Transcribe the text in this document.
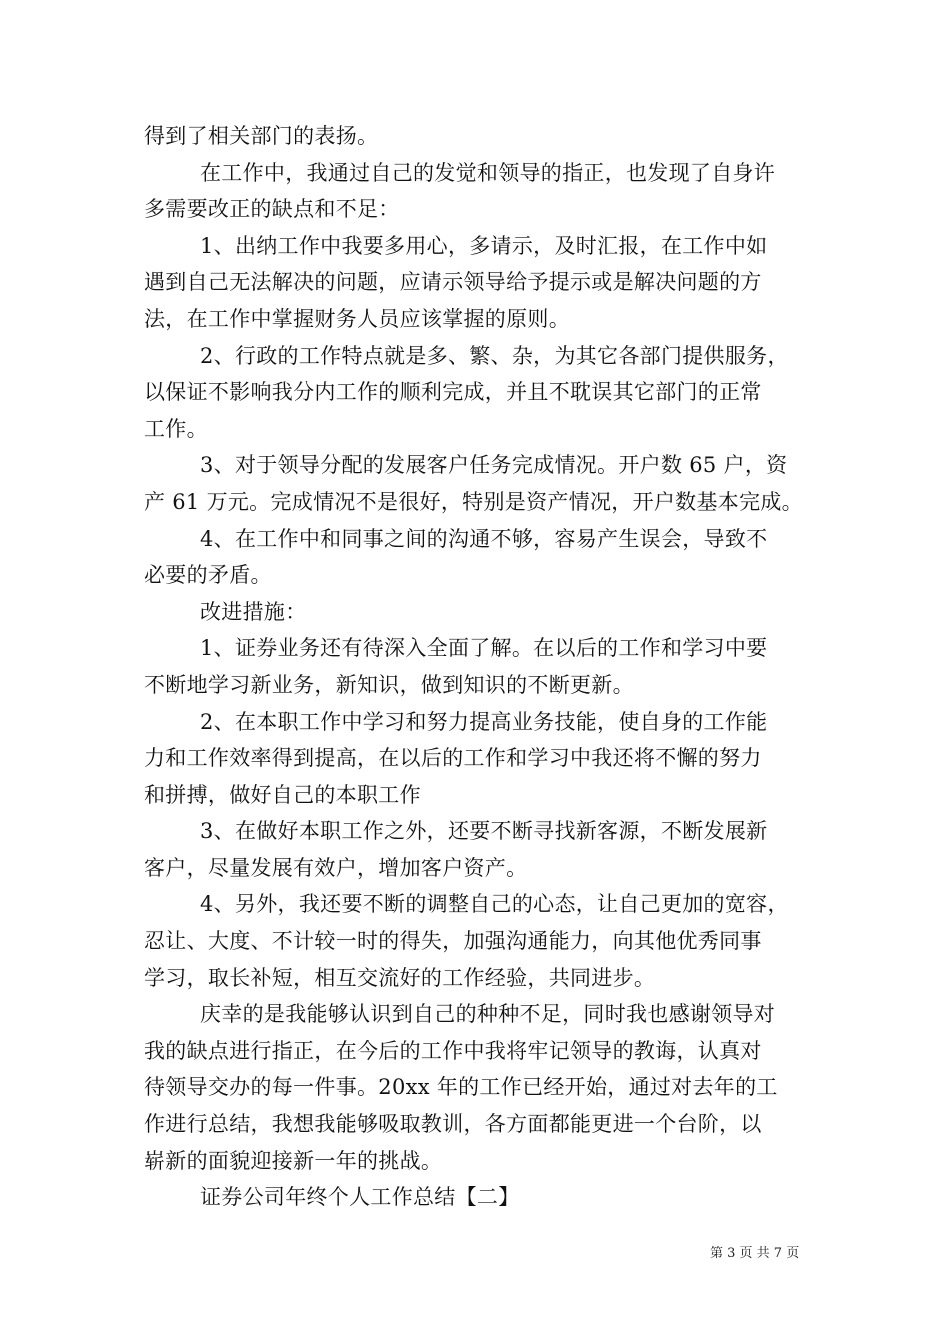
得到了相关部门的表扬。
在工作中，我通过自己的发觉和领导的指正，也发现了自身许
多需要改正的缺点和不足：
1、出纳工作中我要多用心，多请示，及时汇报，在工作中如
遇到自己无法解决的问题，应请示领导给予提示或是解决问题的方
法，在工作中掌握财务人员应该掌握的原则。
2、行政的工作特点就是多、繁、杂，为其它各部门提供服务，
以保证不影响我分内工作的顺利完成，并且不耽误其它部门的正常
工作。
3、对于领导分配的发展客户任务完成情况。开户数 65 户，资
产 61 万元。完成情况不是很好，特别是资产情况，开户数基本完成。
4、在工作中和同事之间的沟通不够，容易产生误会，导致不
必要的矛盾。
改进措施：
1、证券业务还有待深入全面了解。在以后的工作和学习中要
不断地学习新业务，新知识，做到知识的不断更新。
2、在本职工作中学习和努力提高业务技能，使自身的工作能
力和工作效率得到提高，在以后的工作和学习中我还将不懈的努力
和拼搏，做好自己的本职工作
3、在做好本职工作之外，还要不断寻找新客源，不断发展新
客户，尽量发展有效户，增加客户资产。
4、另外，我还要不断的调整自己的心态，让自己更加的宽容，
忍让、大度、不计较一时的得失，加强沟通能力，向其他优秀同事
学习，取长补短，相互交流好的工作经验，共同进步。
庆幸的是我能够认识到自己的种种不足，同时我也感谢领导对
我的缺点进行指正，在今后的工作中我将牢记领导的教诲，认真对
待领导交办的每一件事。20xx 年的工作已经开始，通过对去年的工
作进行总结，我想我能够吸取教训，各方面都能更进一个台阶，以
崭新的面貌迎接新一年的挑战。
证券公司年终个人工作总结【二】
第 3 页 共 7 页
